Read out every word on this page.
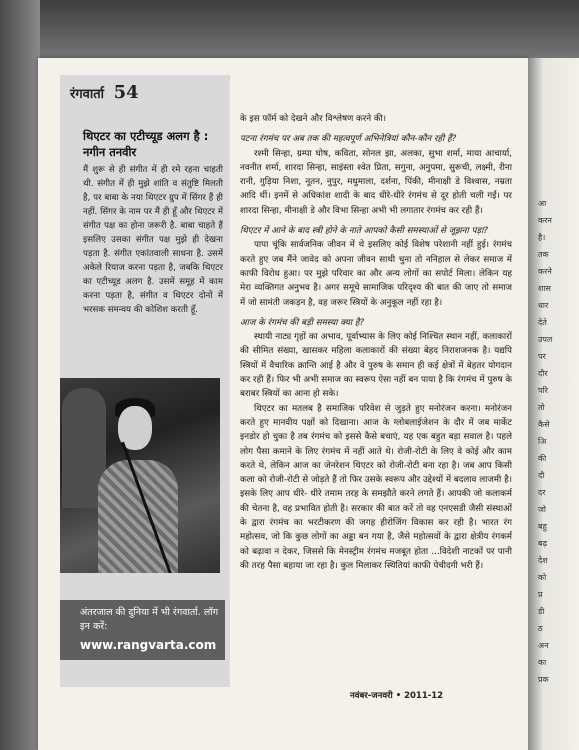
रंगवार्ता 54
थिएटर का एटीच्यूड अलग है : नगीन तनवीर
मैं शुरू से ही संगीत में ही रमे रहना चाहती थी. संगीत में ही मुझे शांति व संतुष्टि मिलती है, पर बाबा के नया थिएटर ग्रुप में सिंगर हैं ही नहीं. सिंगर के नाम पर मैं ही हूँ और थिएटर में संगीत पक्ष का होना जरूरी है. बाबा चाहते हैं इसलिए उसका संगीत पक्ष मुझे ही देखना पड़ता है. संगीत एकांतवाली साधना है. उसमें अकेले रियाज करना पड़ता है, जबकि थिएटर का एटीच्यूड अलग है. उसमें समूह में काम करना पड़ता है, संगीत व थिएटर दोनों में भरसक समन्वय की कोशिश करती हूँ.
अंतरजाल की दुनिया में भी रंगवार्ता. लॉग इन करें:
www.rangvarta.com

के इस फॉर्म को देखने और विश्लेषण करने की।

पटना रंगमंच पर अब तक की महत्वपूर्ण अभिनेत्रियां कौन-कौन रही हैं?

रश्मी सिन्हा, ग्रम्पा घोष, कविता, सोनल झा, अलका, सुभा शर्मा, माया आचार्या, नवनीत शर्मा, शारदा सिन्हा, साइंस्ता श्वेत प्रिता, सगुना, अनुपमा, सुरूची, लक्ष्मी, रीना रानी, गुड़िया निशा, नूतन, नुपुर, मधुमाला, दर्शना, पिंकी, मीनाक्षी डे विश्वास, नम्रता आदि थीं। इनमें से अधिकांश शादी के बाद धीरे-धीरे रंगमंच से दूर होती चली गईं। पर शारदा सिन्हा, मीनाक्षी डे और विभा सिन्हा अभी भी लगातार रंगमंच कर रही हैं।

थिएटर में आने के बाद स्त्री होने के नाते आपको कैसी समस्याओं से जूझना पड़ा?

पापा चूंकि सार्वजनिक जीवन में थे इसलिए कोई विशेष परेशानी नहीं हुई। रंगमंच करते हुए जब मैंने जावेद को अपना जीवन साथी चुना तो ननिहाल से लेकर समाज में काफी विरोध हुआ। पर मुझे परिवार का और अन्य लोगों का सपोर्ट मिला। लेकिन यह मेरा व्यक्तिगत अनुभव है। अगर समूचे सामाजिक परिदृश्य की बात की जाए तो समाज में जो सामंती जकड़न है, वह जरूर स्त्रियों के अनुकूल नहीं रहा है।

आज के रंगमंच की बड़ी समस्या क्या है?

स्थायी नाट्य गृहों का अभाव, पूर्वाभ्यास के लिए कोई निश्चित स्थान नहीं, कलाकारों की सीमित संख्या, खासकर महिला कलाकारों की संख्या बेहद निराशजनक है। यद्यपि स्त्रियों में वैचारिक क्रान्ति आई है और वे पुरुष के समान ही कई क्षेत्रों में बेहतर योगदान कर रही हैं। फिर भी अभी समाज का स्वरूप ऐसा नहीं बन पाया है कि रंगमंच में पुरुष के बराबर स्त्रियों का आना हो सके।

थिएटर का मतलब है समाजिक परिवेश से जुड़ते हुए मनोरंजन करना। मनोरंजन करते हुए मानवीय पक्षों को दिखाना। आज के ग्लोबलाईजेशन के दौर में जब मार्केट इनडोर हो चुका है तब रंगमंच को इससे कैसे बचाएं, यह एक बहुत बड़ा सवाल है। पहले लोग पैसा कमाने के लिए रंगमंच में नहीं आते थे। रोजी-रोटी के लिए वे कोई और काम करते थे, लेकिन आज का जेनरेशन थिएटर को रोजी-रोटी बना रहा है। जब आप किसी कला को रोजी-रोटी से जोड़ते हैं तो फिर उसके स्वरूप और उद्देश्यों में बदलाव लाजमी है। इसके लिए आप धीरे- धीरे तमाम तरह के समझौते करने लगते हैं। आपकी जो कलाकर्म की चेतना है, वह प्रभावित होती है। सरकार की बात करें तो वह एनएसडी जैसी संस्थाओं के द्वारा रंगमंच का भरटीकरण की जगह हीरोजिंग विकास कर रही है। भारत रंग महोत्सव, जो कि कुछ लोगों का अड्डा बन गया है, जैसे महोत्सवों के द्वारा क्षेत्रीय रंगकर्म को बढ़ावा न देकर, जिससे कि मेनस्ट्रीम रंगमंच मजबूत होता ...विदेशी नाटकों पर पानी की तरह पैसा बहाया जा रहा है। कुल मिलाकर स्थितियां काफी पेचीदगी भरी हैं।

नवंबर-जनवरी • 2011-12
आ
करन
है।
तक
करने
शास
धार
देते
उपल
पर
दौर
परि
तो
कैसे
अि
की
दौ
दर
जो
बहु
बढ़
देश
को
प्र
डी
ठ
अन
का
प्रक
